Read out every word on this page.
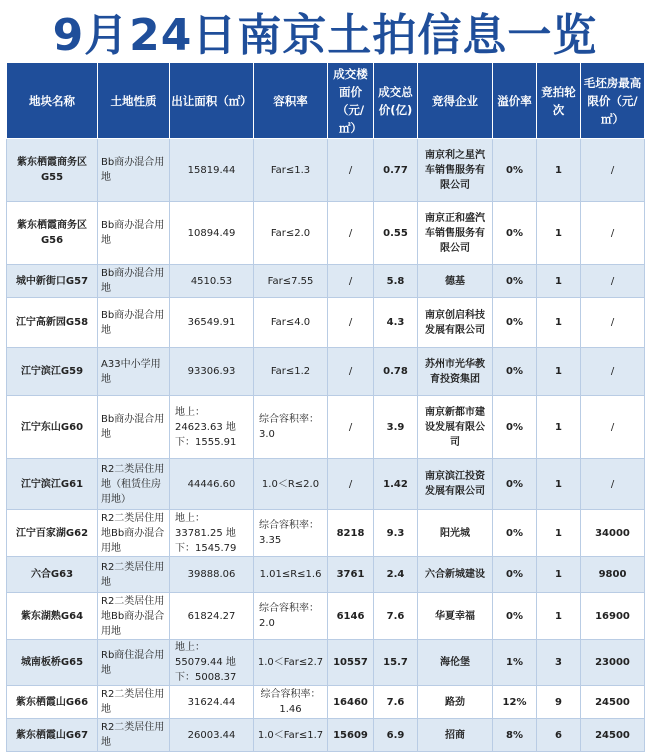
9月24日南京土拍信息一览
地块名称	土地性质	出让面积（㎡）	容积率	成交楼面价（元/㎡）	成交总价(亿)	竞得企业	溢价率	竞拍轮次	毛坯房最高限价（元/㎡）
紫东栖霞商务区G55	Bb商办混合用地	15819.44	Far≤1.3	/	0.77	南京利之星汽车销售服务有限公司	0%	1	/
紫东栖霞商务区G56	Bb商办混合用地	10894.49	Far≤2.0	/	0.55	南京正和盛汽车销售服务有限公司	0%	1	/
城中新街口G57	Bb商办混合用地	4510.53	Far≤7.55	/	5.8	德基	0%	1	/
江宁高新园G58	Bb商办混合用地	36549.91	Far≤4.0	/	4.3	南京创启科技发展有限公司	0%	1	/
江宁滨江G59	A33中小学用地	93306.93	Far≤1.2	/	0.78	苏州市光华教育投资集团	0%	1	/
江宁东山G60	Bb商办混合用地	地上：24623.63 地下：1555.91	综合容积率：3.0	/	3.9	南京新都市建设发展有限公司	0%	1	/
江宁滨江G61	R2二类居住用地（租赁住房用地）	44446.60	1.0＜R≤2.0	/	1.42	南京滨江投资发展有限公司	0%	1	/
江宁百家湖G62	R2二类居住用地Bb商办混合用地	地上：33781.25 地下：1545.79	综合容积率：3.35	8218	9.3	阳光城	0%	1	34000
六合G63	R2二类居住用地	39888.06	1.01≤R≤1.6	3761	2.4	六合新城建设	0%	1	9800
紫东湖熟G64	R2二类居住用地Bb商办混合用地	61824.27	综合容积率：2.0	6146	7.6	华夏幸福	0%	1	16900
城南板桥G65	Rb商住混合用地	地上：55079.44 地下：5008.37	1.0＜Far≤2.7	10557	15.7	海伦堡	1%	3	23000
紫东栖霞山G66	R2二类居住用地	31624.44	综合容积率：1.46	16460	7.6	路劲	12%	9	24500
紫东栖霞山G67	R2二类居住用地	26003.44	1.0＜Far≤1.7	15609	6.9	招商	8%	6	24500
